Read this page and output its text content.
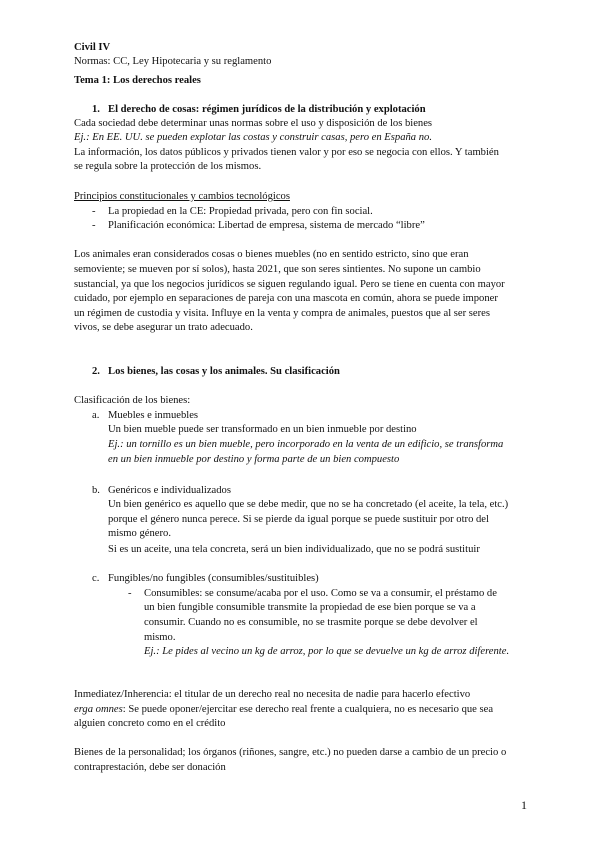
Civil IV
Normas: CC, Ley Hipotecaria y su reglamento
Tema 1: Los derechos reales
1. El derecho de cosas: régimen jurídicos de la distribución y explotación
Cada sociedad debe determinar unas normas sobre el uso y disposición de los bienes
Ej.: En EE. UU. se pueden explotar las costas y construir casas, pero en España no.
La información, los datos públicos y privados tienen valor y por eso se negocia con ellos. Y también
se regula sobre la protección de los mismos.
Principios constitucionales y cambios tecnológicos
- La propiedad en la CE: Propiedad privada, pero con fin social.
- Planificación económica: Libertad de empresa, sistema de mercado “libre”
Los animales eran considerados cosas o bienes muebles (no en sentido estricto, sino que eran
semoviente; se mueven por sí solos), hasta 2021, que son seres sintientes. No supone un cambio
sustancial, ya que los negocios jurídicos se siguen regulando igual. Pero se tiene en cuenta con mayor
cuidado, por ejemplo en separaciones de pareja con una mascota en común, ahora se puede imponer
un régimen de custodia y visita. Influye en la venta y compra de animales, puestos que al ser seres
vivos, se debe asegurar un trato adecuado.
2. Los bienes, las cosas y los animales. Su clasificación
Clasificación de los bienes:
a. Muebles e inmuebles
Un bien mueble puede ser transformado en un bien inmueble por destino
Ej.: un tornillo es un bien mueble, pero incorporado en la venta de un edificio, se transforma
en un bien inmueble por destino y forma parte de un bien compuesto
b. Genéricos e individualizados
Un bien genérico es aquello que se debe medir, que no se ha concretado (el aceite, la tela, etc.)
porque el género nunca perece. Si se pierde da igual porque se puede sustituir por otro del
mismo género.
Si es un aceite, una tela concreta, será un bien individualizado, que no se podrá sustituir
c. Fungibles/no fungibles (consumibles/sustituibles)
- Consumibles: se consume/acaba por el uso. Como se va a consumir, el préstamo de
un bien fungible consumible transmite la propiedad de ese bien porque se va a
consumir. Cuando no es consumible, no se trasmite porque se debe devolver el
mismo.
Ej.: Le pides al vecino un kg de arroz, por lo que se devuelve un kg de arroz diferente.
Inmediatez/Inherencia: el titular de un derecho real no necesita de nadie para hacerlo efectivo
erga omnes: Se puede oponer/ejercitar ese derecho real frente a cualquiera, no es necesario que sea
alguien concreto como en el crédito
Bienes de la personalidad; los órganos (riñones, sangre, etc.) no pueden darse a cambio de un precio o
contraprestación, debe ser donación
1
